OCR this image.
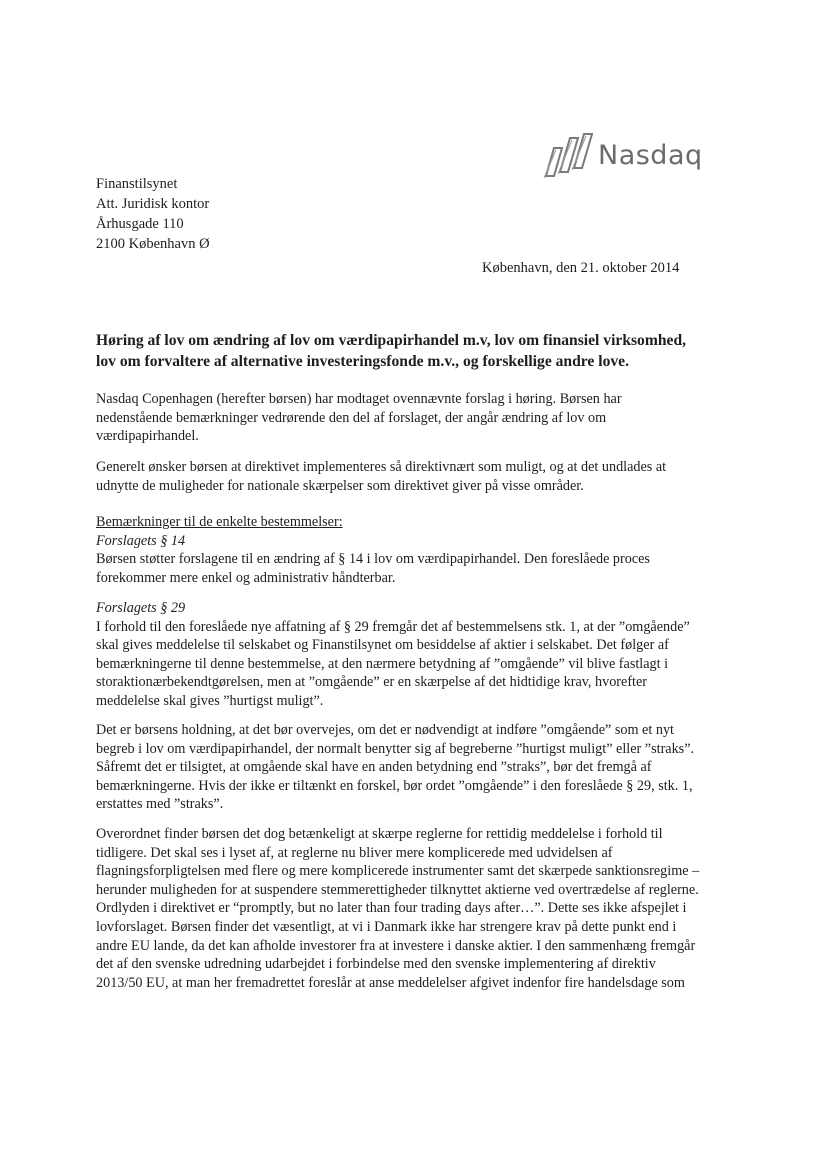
Nasdaq
Finanstilsynet
Att. Juridisk kontor
Århusgade 110
2100 København Ø
København, den 21. oktober 2014
Høring af lov om ændring af lov om værdipapirhandel m.v, lov om finansiel virksomhed,
lov om forvaltere af alternative investeringsfonde m.v., og forskellige andre love.
Nasdaq Copenhagen (herefter børsen) har modtaget ovennævnte forslag i høring. Børsen har
nedenstående bemærkninger vedrørende den del af forslaget, der angår ændring af lov om
værdipapirhandel.
Generelt ønsker børsen at direktivet implementeres så direktivnært som muligt, og at det undlades at
udnytte de muligheder for nationale skærpelser som direktivet giver på visse områder.
Bemærkninger til de enkelte bestemmelser:
Forslagets § 14
Børsen støtter forslagene til en ændring af § 14 i lov om værdipapirhandel. Den foreslåede proces
forekommer mere enkel og administrativ håndterbar.
Forslagets § 29
I forhold til den foreslåede nye affatning af § 29 fremgår det af bestemmelsens stk. 1, at der ”omgående”
skal gives meddelelse til selskabet og Finanstilsynet om besiddelse af aktier i selskabet. Det følger af
bemærkningerne til denne bestemmelse, at den nærmere betydning af ”omgående” vil blive fastlagt i
storaktionærbekendtgørelsen, men at ”omgående” er en skærpelse af det hidtidige krav, hvorefter
meddelelse skal gives ”hurtigst muligt”.
Det er børsens holdning, at det bør overvejes, om det er nødvendigt at indføre ”omgående” som et nyt
begreb i lov om værdipapirhandel, der normalt benytter sig af begreberne ”hurtigst muligt” eller ”straks”.
Såfremt det er tilsigtet, at omgående skal have en anden betydning end ”straks”, bør det fremgå af
bemærkningerne. Hvis der ikke er tiltænkt en forskel, bør ordet ”omgående” i den foreslåede § 29, stk. 1,
erstattes med ”straks”.
Overordnet finder børsen det dog betænkeligt at skærpe reglerne for rettidig meddelelse i forhold til
tidligere. Det skal ses i lyset af, at reglerne nu bliver mere komplicerede med udvidelsen af
flagningsforpligtelsen med flere og mere komplicerede instrumenter samt det skærpede sanktionsregime –
herunder muligheden for at suspendere stemmerettigheder tilknyttet aktierne ved overtrædelse af reglerne.
Ordlyden i direktivet er “promptly, but no later than four trading days after…”. Dette ses ikke afspejlet i
lovforslaget. Børsen finder det væsentligt, at vi i Danmark ikke har strengere krav på dette punkt end i
andre EU lande, da det kan afholde investorer fra at investere i danske aktier. I den sammenhæng fremgår
det af den svenske udredning udarbejdet i forbindelse med den svenske implementering af direktiv
2013/50 EU, at man her fremadrettet foreslår at anse meddelelser afgivet indenfor fire handelsdage som
